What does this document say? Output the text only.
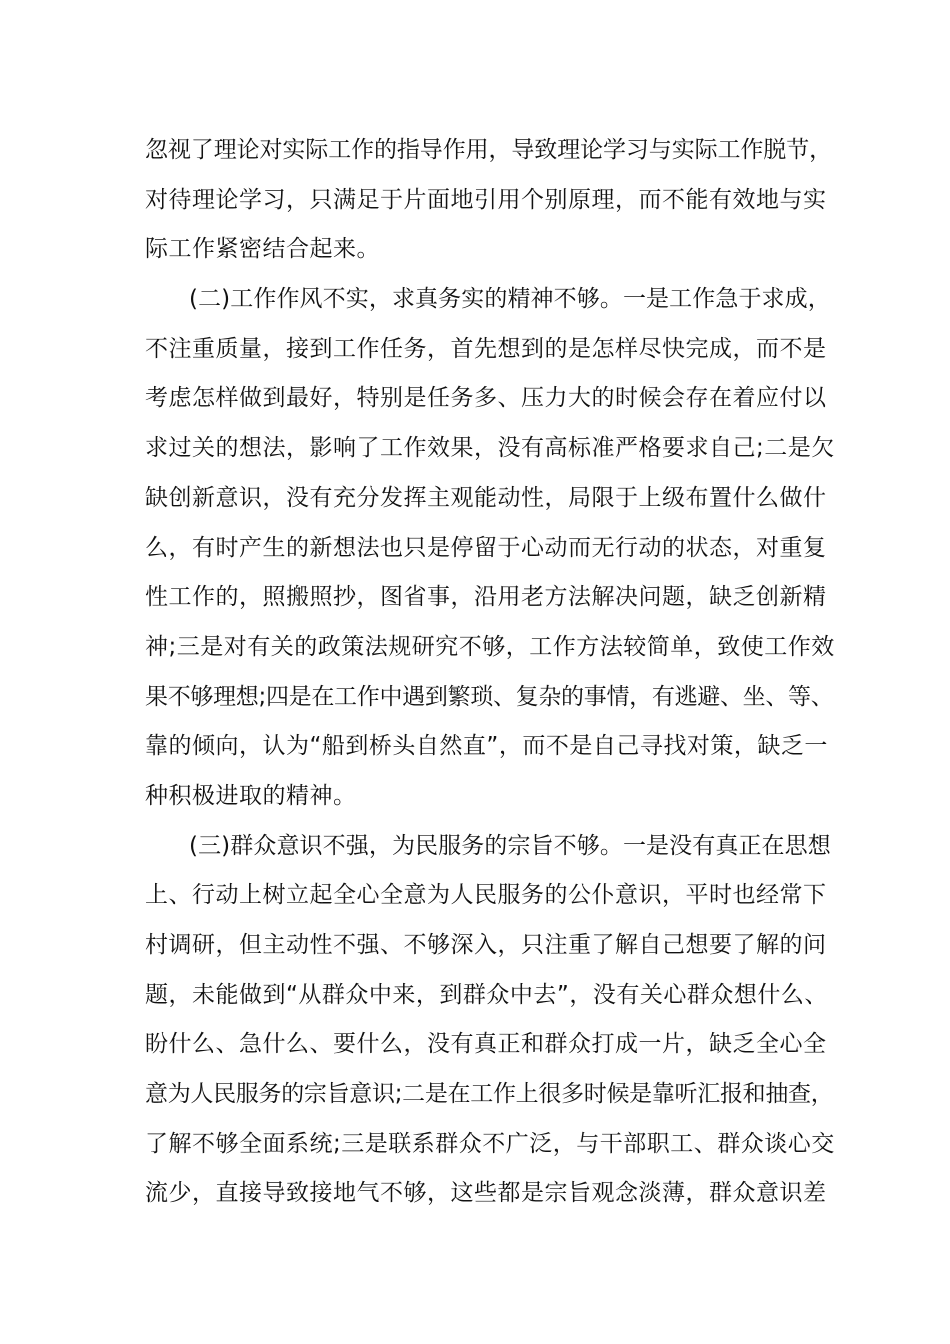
忽视了理论对实际工作的指导作用，导致理论学习与实际工作脱节，
对待理论学习，只满足于片面地引用个别原理，而不能有效地与实
际工作紧密结合起来。
(二)工作作风不实，求真务实的精神不够。一是工作急于求成，
不注重质量，接到工作任务，首先想到的是怎样尽快完成，而不是
考虑怎样做到最好，特别是任务多、压力大的时候会存在着应付以
求过关的想法，影响了工作效果，没有高标准严格要求自己;二是欠
缺创新意识，没有充分发挥主观能动性，局限于上级布置什么做什
么，有时产生的新想法也只是停留于心动而无行动的状态，对重复
性工作的，照搬照抄，图省事，沿用老方法解决问题，缺乏创新精
神;三是对有关的政策法规研究不够，工作方法较简单，致使工作效
果不够理想;四是在工作中遇到繁琐、复杂的事情，有逃避、坐、等、
靠的倾向，认为“船到桥头自然直”，而不是自己寻找对策，缺乏一
种积极进取的精神。
(三)群众意识不强，为民服务的宗旨不够。一是没有真正在思想
上、行动上树立起全心全意为人民服务的公仆意识，平时也经常下
村调研，但主动性不强、不够深入，只注重了解自己想要了解的问
题，未能做到“从群众中来，到群众中去”，没有关心群众想什么、
盼什么、急什么、要什么，没有真正和群众打成一片，缺乏全心全
意为人民服务的宗旨意识;二是在工作上很多时候是靠听汇报和抽查，
了解不够全面系统;三是联系群众不广泛，与干部职工、群众谈心交
流少，直接导致接地气不够，这些都是宗旨观念淡薄，群众意识差
